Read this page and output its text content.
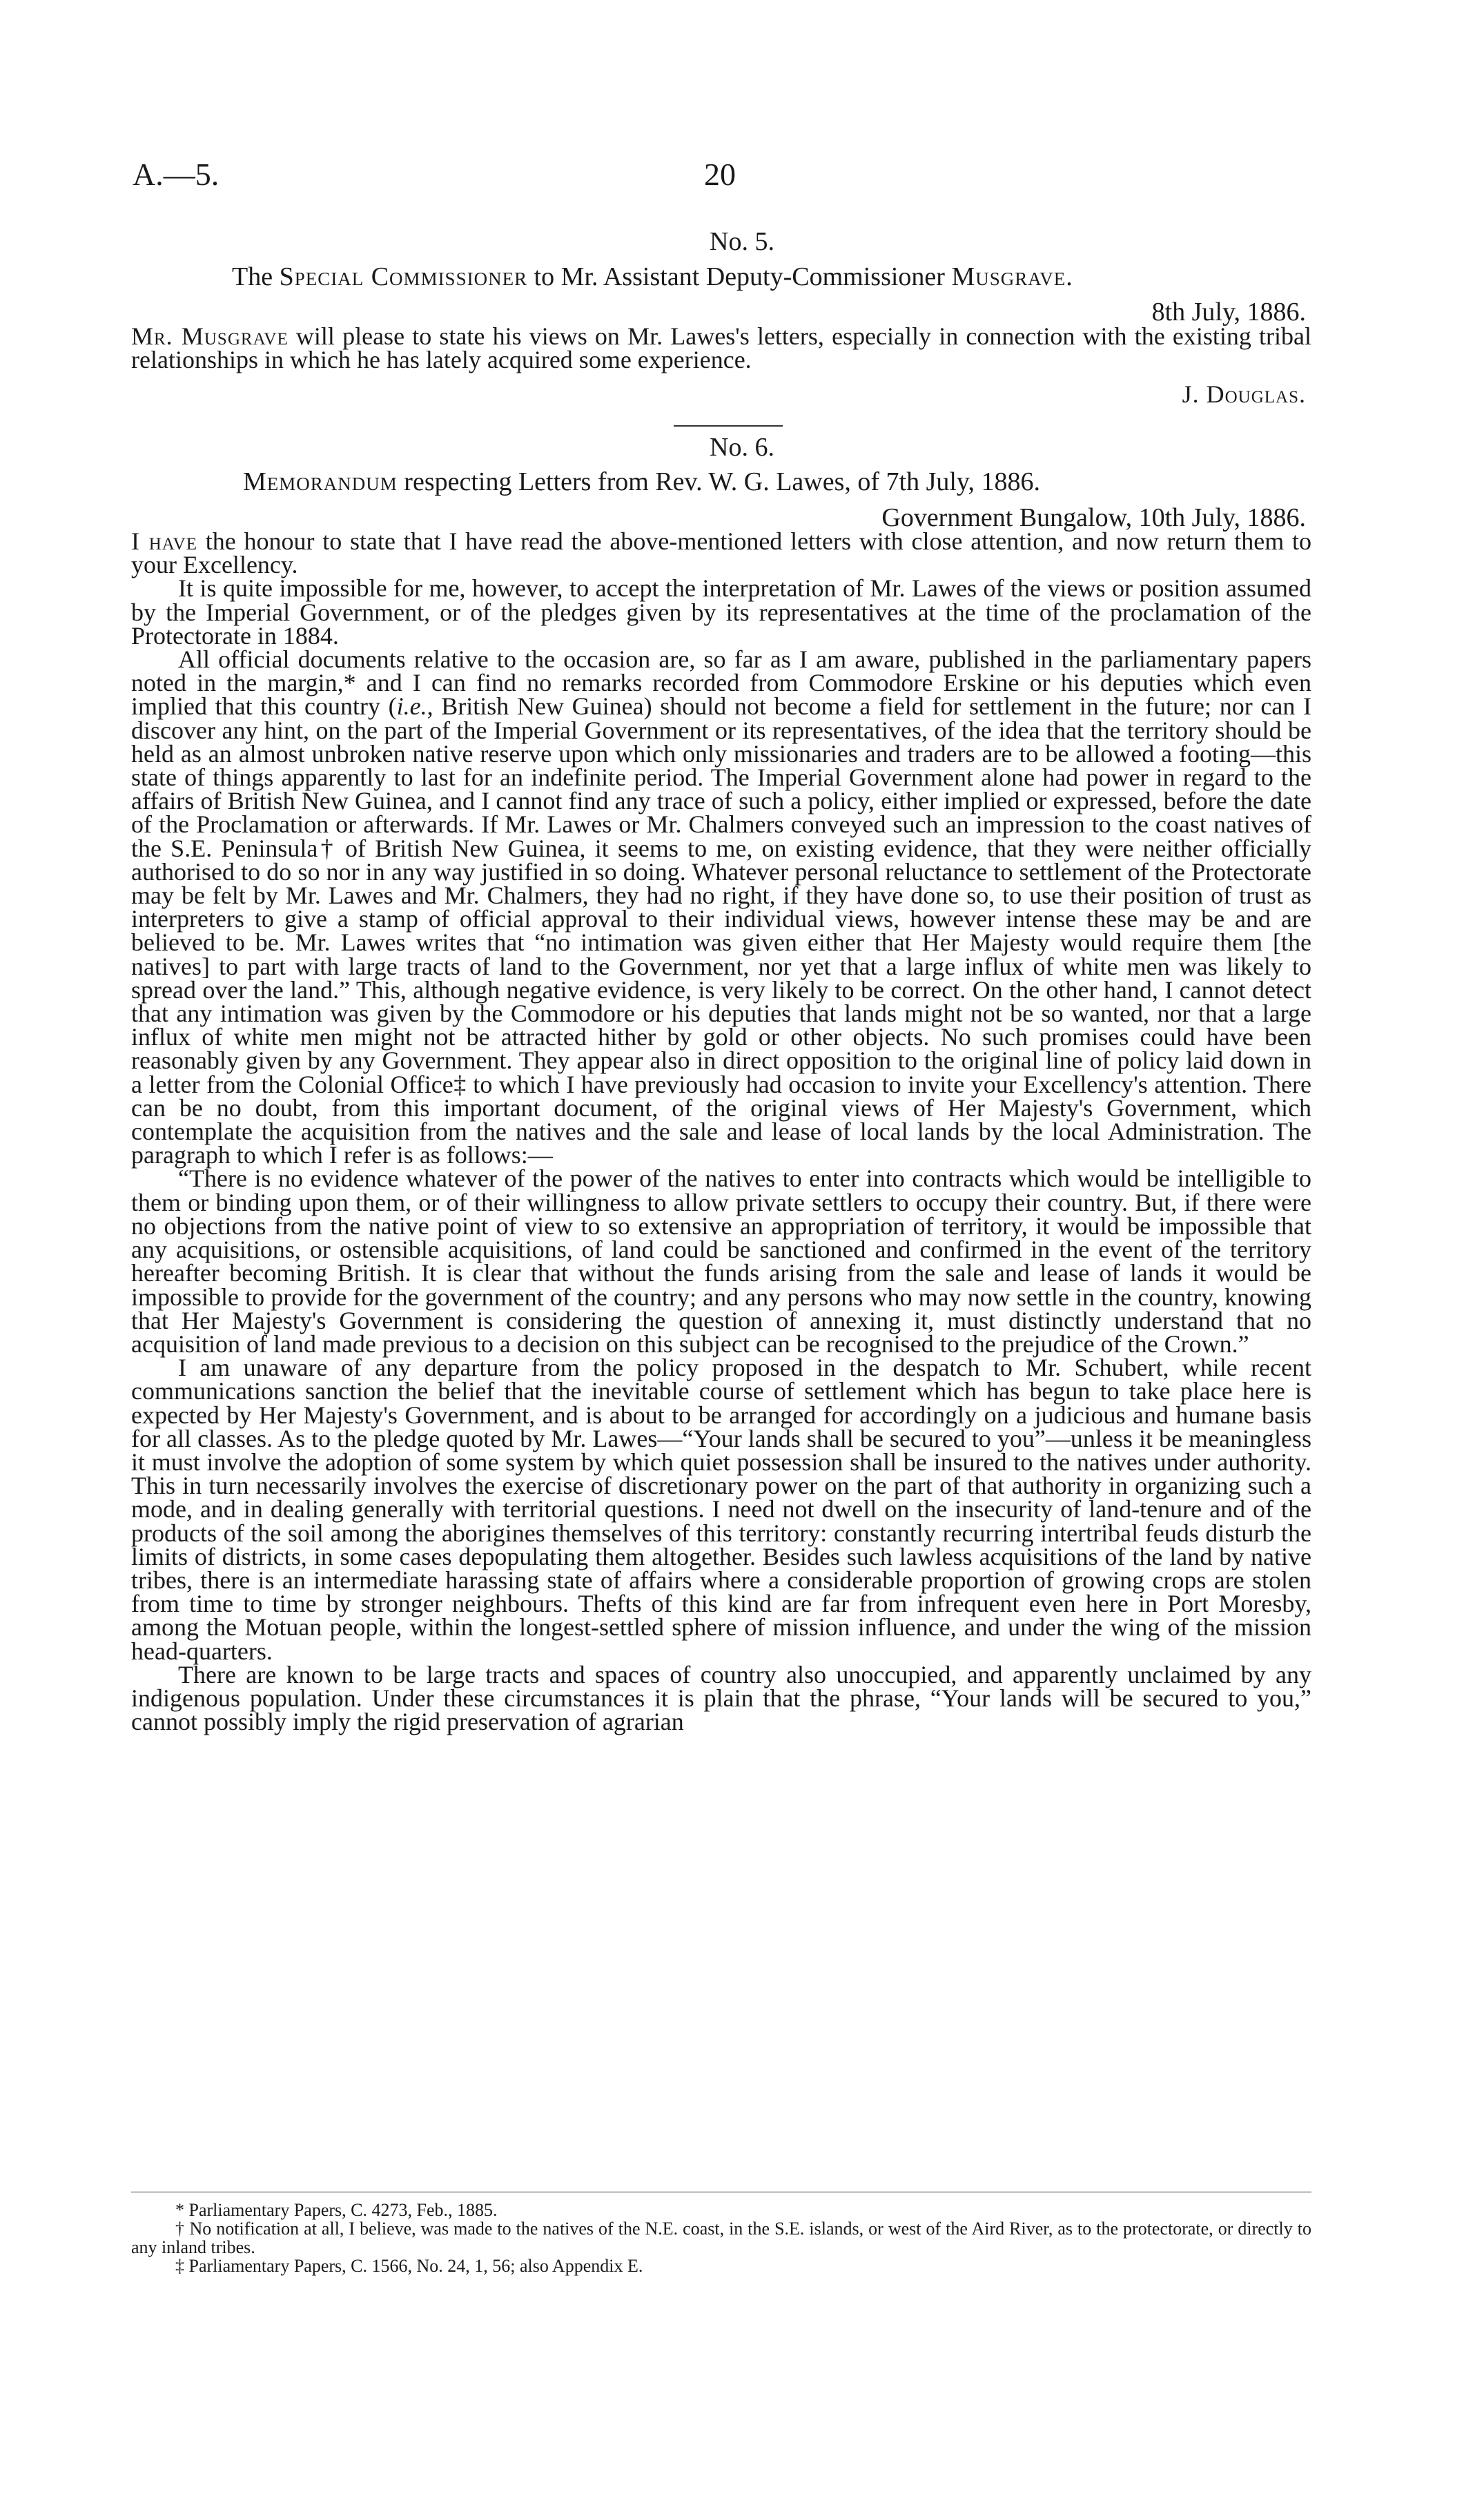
A.—5.	20
No. 5.
The Special Commissioner to Mr. Assistant Deputy-Commissioner Musgrave.
8th July, 1886.

Mr. Musgrave will please to state his views on Mr. Lawes's letters, especially in connection with the existing tribal relationships in which he has lately acquired some experience.

J. Douglas.
No. 6.
Memorandum respecting Letters from Rev. W. G. Lawes, of 7th July, 1886.
Government Bungalow, 10th July, 1886.

I have the honour to state that I have read the above-mentioned letters with close attention, and now return them to your Excellency.

It is quite impossible for me, however, to accept the interpretation of Mr. Lawes of the views or position assumed by the Imperial Government, or of the pledges given by its representatives at the time of the proclamation of the Protectorate in 1884.

All official documents relative to the occasion are, so far as I am aware, published in the parliamentary papers noted in the margin,* and I can find no remarks recorded from Commodore Erskine or his deputies which even implied that this country (i.e., British New Guinea) should not become a field for settlement in the future; nor can I discover any hint, on the part of the Imperial Government or its representatives, of the idea that the territory should be held as an almost unbroken native reserve upon which only missionaries and traders are to be allowed a footing—this state of things apparently to last for an indefinite period. The Imperial Government alone had power in regard to the affairs of British New Guinea, and I cannot find any trace of such a policy, either implied or expressed, before the date of the Proclamation or afterwards. If Mr. Lawes or Mr. Chalmers conveyed such an impression to the coast natives of the S.E. Peninsula† of British New Guinea, it seems to me, on existing evidence, that they were neither officially authorised to do so nor in any way justified in so doing. Whatever personal reluctance to settlement of the Protectorate may be felt by Mr. Lawes and Mr. Chalmers, they had no right, if they have done so, to use their position of trust as interpreters to give a stamp of official approval to their individual views, however intense these may be and are believed to be. Mr. Lawes writes that “no intimation was given either that Her Majesty would require them [the natives] to part with large tracts of land to the Government, nor yet that a large influx of white men was likely to spread over the land.” This, although negative evidence, is very likely to be correct. On the other hand, I cannot detect that any intimation was given by the Commodore or his deputies that lands might not be so wanted, nor that a large influx of white men might not be attracted hither by gold or other objects. No such promises could have been reasonably given by any Government. They appear also in direct opposition to the original line of policy laid down in a letter from the Colonial Office‡ to which I have previously had occasion to invite your Excellency's attention. There can be no doubt, from this important document, of the original views of Her Majesty's Government, which contemplate the acquisition from the natives and the sale and lease of local lands by the local Administration. The paragraph to which I refer is as follows:—

“There is no evidence whatever of the power of the natives to enter into contracts which would be intelligible to them or binding upon them, or of their willingness to allow private settlers to occupy their country. But, if there were no objections from the native point of view to so extensive an appropriation of territory, it would be impossible that any acquisitions, or ostensible acquisitions, of land could be sanctioned and confirmed in the event of the territory hereafter becoming British. It is clear that without the funds arising from the sale and lease of lands it would be impossible to provide for the government of the country; and any persons who may now settle in the country, knowing that Her Majesty's Government is considering the question of annexing it, must distinctly understand that no acquisition of land made previous to a decision on this subject can be recognised to the prejudice of the Crown.”

I am unaware of any departure from the policy proposed in the despatch to Mr. Schubert, while recent communications sanction the belief that the inevitable course of settlement which has begun to take place here is expected by Her Majesty's Government, and is about to be arranged for accordingly on a judicious and humane basis for all classes. As to the pledge quoted by Mr. Lawes—“Your lands shall be secured to you”—unless it be meaningless it must involve the adoption of some system by which quiet possession shall be insured to the natives under authority. This in turn necessarily involves the exercise of discretionary power on the part of that authority in organizing such a mode, and in dealing generally with territorial questions. I need not dwell on the insecurity of land-tenure and of the products of the soil among the aborigines themselves of this territory: constantly recurring intertribal feuds disturb the limits of districts, in some cases depopulating them altogether. Besides such lawless acquisitions of the land by native tribes, there is an intermediate harassing state of affairs where a considerable proportion of growing crops are stolen from time to time by stronger neighbours. Thefts of this kind are far from infrequent even here in Port Moresby, among the Motuan people, within the longest-settled sphere of mission influence, and under the wing of the mission head-quarters.

There are known to be large tracts and spaces of country also unoccupied, and apparently unclaimed by any indigenous population. Under these circumstances it is plain that the phrase, “Your lands will be secured to you,” cannot possibly imply the rigid preservation of agrarian

* Parliamentary Papers, C. 4273, Feb., 1885.

† No notification at all, I believe, was made to the natives of the N.E. coast, in the S.E. islands, or west of the Aird River, as to the protectorate, or directly to any inland tribes.

‡ Parliamentary Papers, C. 1566, No. 24, 1, 56; also Appendix E.
